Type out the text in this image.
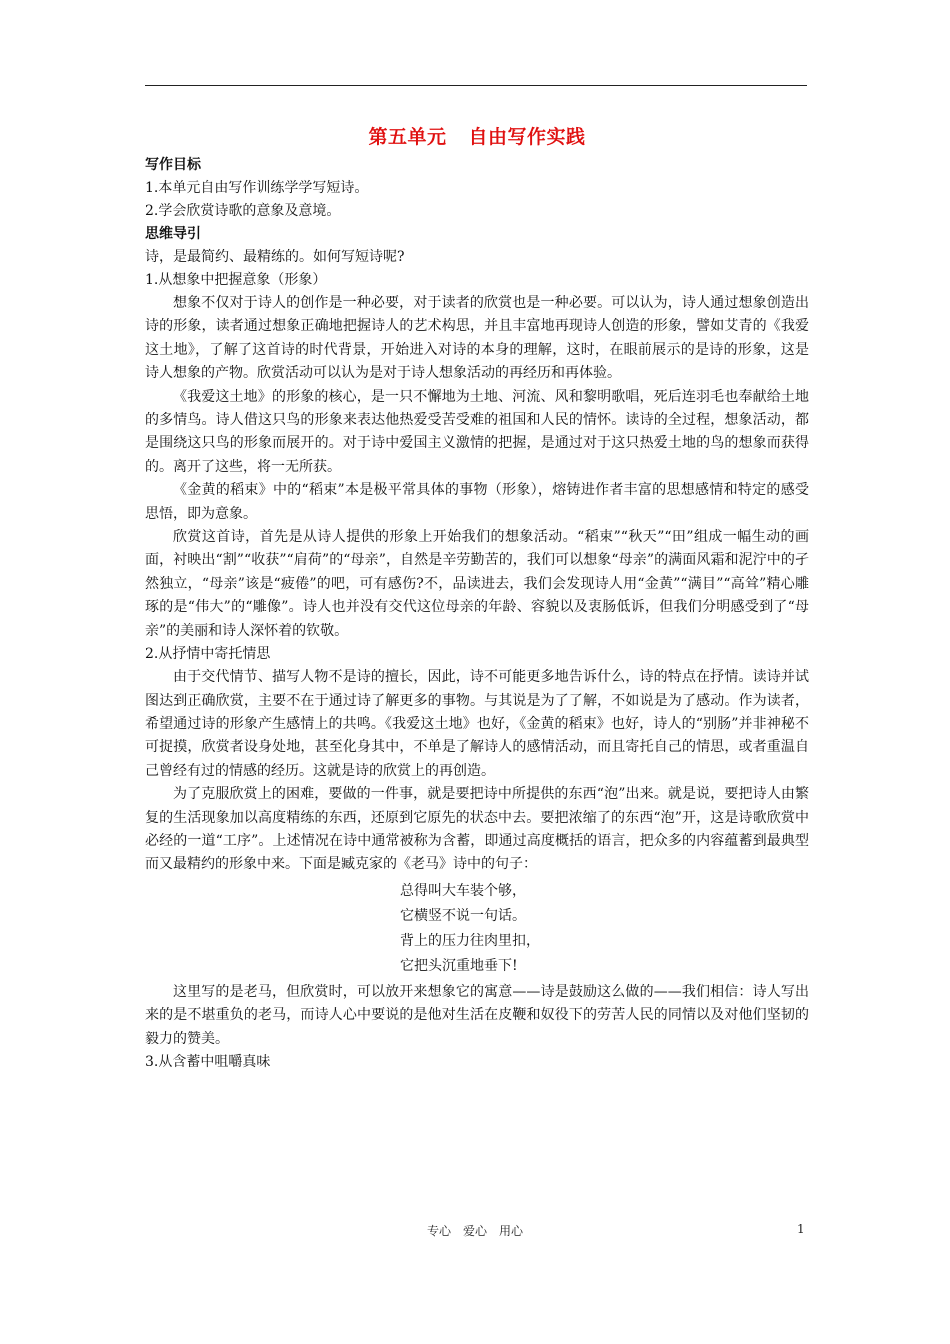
第五单元 自由写作实践

写作目标

1.本单元自由写作训练学学写短诗。

2.学会欣赏诗歌的意象及意境。

思维导引

诗，是最简约、最精练的。如何写短诗呢?

1.从想象中把握意象（形象）

想象不仅对于诗人的创作是一种必要，对于读者的欣赏也是一种必要。可以认为，诗人通过想象创造出诗的形象，读者通过想象正确地把握诗人的艺术构思，并且丰富地再现诗人创造的形象，譬如艾青的《我爱这土地》，了解了这首诗的时代背景，开始进入对诗的本身的理解，这时，在眼前展示的是诗的形象，这是诗人想象的产物。欣赏活动可以认为是对于诗人想象活动的再经历和再体验。

《我爱这土地》的形象的核心，是一只不懈地为土地、河流、风和黎明歌唱，死后连羽毛也奉献给土地的多情鸟。诗人借这只鸟的形象来表达他热爱受苦受难的祖国和人民的情怀。读诗的全过程，想象活动，都是围绕这只鸟的形象而展开的。对于诗中爱国主义激情的把握，是通过对于这只热爱土地的鸟的想象而获得的。离开了这些，将一无所获。

《金黄的稻束》中的“稻束”本是极平常具体的事物（形象），熔铸进作者丰富的思想感情和特定的感受思悟，即为意象。

欣赏这首诗，首先是从诗人提供的形象上开始我们的想象活动。“稻束”“秋天”“田”组成一幅生动的画面，衬映出“割”“收获”“肩荷”的“母亲”，自然是辛劳勤苦的，我们可以想象“母亲”的满面风霜和泥泞中的孑然独立，“母亲”该是“疲倦”的吧，可有感伤?不，品读进去，我们会发现诗人用“金黄”“满目”“高耸”精心雕琢的是“伟大”的“雕像”。诗人也并没有交代这位母亲的年龄、容貌以及衷肠低诉，但我们分明感受到了“母亲”的美丽和诗人深怀着的钦敬。

2.从抒情中寄托情思

由于交代情节、描写人物不是诗的擅长，因此，诗不可能更多地告诉什么，诗的特点在抒情。读诗并试图达到正确欣赏，主要不在于通过诗了解更多的事物。与其说是为了了解，不如说是为了感动。作为读者，希望通过诗的形象产生感情上的共鸣。《我爱这土地》也好，《金黄的稻束》也好，诗人的“别肠”并非神秘不可捉摸，欣赏者设身处地，甚至化身其中，不单是了解诗人的感情活动，而且寄托自己的情思，或者重温自己曾经有过的情感的经历。这就是诗的欣赏上的再创造。

为了克服欣赏上的困难，要做的一件事，就是要把诗中所提供的东西“泡”出来。就是说，要把诗人由繁复的生活现象加以高度精练的东西，还原到它原先的状态中去。要把浓缩了的东西“泡”开，这是诗歌欣赏中必经的一道“工序”。上述情况在诗中通常被称为含蓄，即通过高度概括的语言，把众多的内容蕴蓄到最典型而又最精约的形象中来。下面是臧克家的《老马》诗中的句子：

总得叫大车装个够，
它横竖不说一句话。
背上的压力往肉里扣，
它把头沉重地垂下!

这里写的是老马，但欣赏时，可以放开来想象它的寓意——诗是鼓励这么做的——我们相信：诗人写出来的是不堪重负的老马，而诗人心中要说的是他对生活在皮鞭和奴役下的劳苦人民的同情以及对他们坚韧的毅力的赞美。

3.从含蓄中咀嚼真味

专心　爱心　用心	1
